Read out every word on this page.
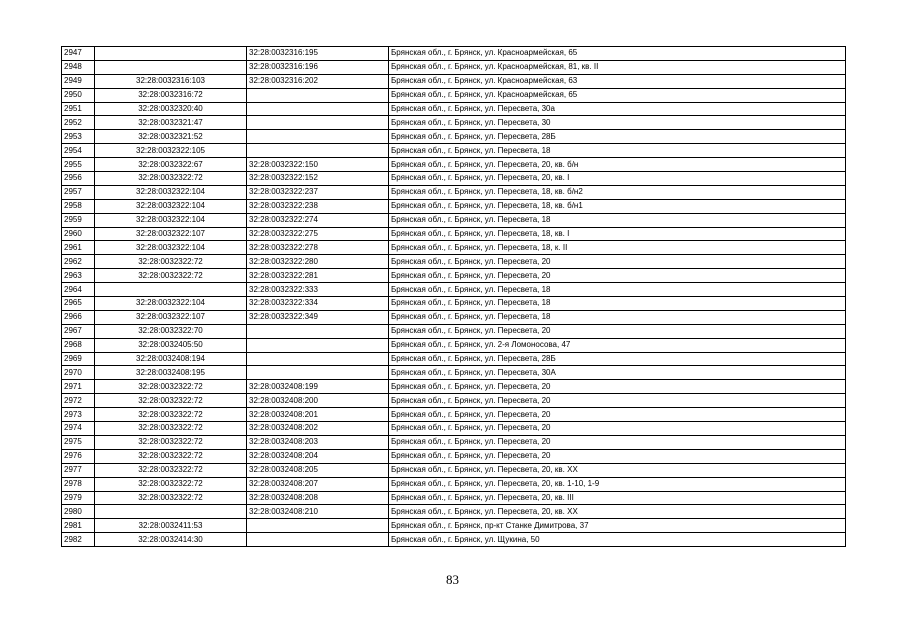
2947		32:28:0032316:195	Брянская обл., г. Брянск, ул. Красноармейская, 65
2948		32:28:0032316:196	Брянская обл., г. Брянск, ул. Красноармейская, 81, кв. II
2949	32:28:0032316:103	32:28:0032316:202	Брянская обл., г. Брянск, ул. Красноармейская, 63
2950	32:28:0032316:72		Брянская обл., г. Брянск, ул. Красноармейская, 65
2951	32:28:0032320:40		Брянская обл., г. Брянск, ул. Пересвета, 30а
2952	32:28:0032321:47		Брянская обл., г. Брянск, ул. Пересвета, 30
2953	32:28:0032321:52		Брянская обл., г. Брянск, ул. Пересвета, 28Б
2954	32:28:0032322:105		Брянская обл., г. Брянск, ул. Пересвета, 18
2955	32:28:0032322:67	32:28:0032322:150	Брянская обл., г. Брянск, ул. Пересвета, 20, кв. б/н
2956	32:28:0032322:72	32:28:0032322:152	Брянская обл., г. Брянск, ул. Пересвета, 20, кв. I
2957	32:28:0032322:104	32:28:0032322:237	Брянская обл., г. Брянск, ул. Пересвета, 18, кв. б/н2
2958	32:28:0032322:104	32:28:0032322:238	Брянская обл., г. Брянск, ул. Пересвета, 18, кв. б/н1
2959	32:28:0032322:104	32:28:0032322:274	Брянская обл., г. Брянск, ул. Пересвета, 18
2960	32:28:0032322:107	32:28:0032322:275	Брянская обл., г. Брянск, ул. Пересвета, 18, кв. I
2961	32:28:0032322:104	32:28:0032322:278	Брянская обл., г. Брянск, ул. Пересвета, 18, к. II
2962	32:28:0032322:72	32:28:0032322:280	Брянская обл., г. Брянск, ул. Пересвета, 20
2963	32:28:0032322:72	32:28:0032322:281	Брянская обл., г. Брянск, ул. Пересвета, 20
2964		32:28:0032322:333	Брянская обл., г. Брянск, ул. Пересвета, 18
2965	32:28:0032322:104	32:28:0032322:334	Брянская обл., г. Брянск, ул. Пересвета, 18
2966	32:28:0032322:107	32:28:0032322:349	Брянская обл., г. Брянск, ул. Пересвета, 18
2967	32:28:0032322:70		Брянская обл., г. Брянск, ул. Пересвета, 20
2968	32:28:0032405:50		Брянская обл., г. Брянск, ул. 2-я Ломоносова, 47
2969	32:28:0032408:194		Брянская обл., г. Брянск, ул. Пересвета, 28Б
2970	32:28:0032408:195		Брянская обл., г. Брянск, ул. Пересвета, 30А
2971	32:28:0032322:72	32:28:0032408:199	Брянская обл., г. Брянск, ул. Пересвета, 20
2972	32:28:0032322:72	32:28:0032408:200	Брянская обл., г. Брянск, ул. Пересвета, 20
2973	32:28:0032322:72	32:28:0032408:201	Брянская обл., г. Брянск, ул. Пересвета, 20
2974	32:28:0032322:72	32:28:0032408:202	Брянская обл., г. Брянск, ул. Пересвета, 20
2975	32:28:0032322:72	32:28:0032408:203	Брянская обл., г. Брянск, ул. Пересвета, 20
2976	32:28:0032322:72	32:28:0032408:204	Брянская обл., г. Брянск, ул. Пересвета, 20
2977	32:28:0032322:72	32:28:0032408:205	Брянская обл., г. Брянск, ул. Пересвета, 20, кв. XX
2978	32:28:0032322:72	32:28:0032408:207	Брянская обл., г. Брянск, ул. Пересвета, 20, кв. 1-10, 1-9
2979	32:28:0032322:72	32:28:0032408:208	Брянская обл., г. Брянск, ул. Пересвета, 20, кв. III
2980		32:28:0032408:210	Брянская обл., г. Брянск, ул. Пересвета, 20, кв. XX
2981	32:28:0032411:53		Брянская обл., г. Брянск, пр-кт Станке Димитрова, 37
2982	32:28:0032414:30		Брянская обл., г. Брянск, ул. Щукина, 50
83
